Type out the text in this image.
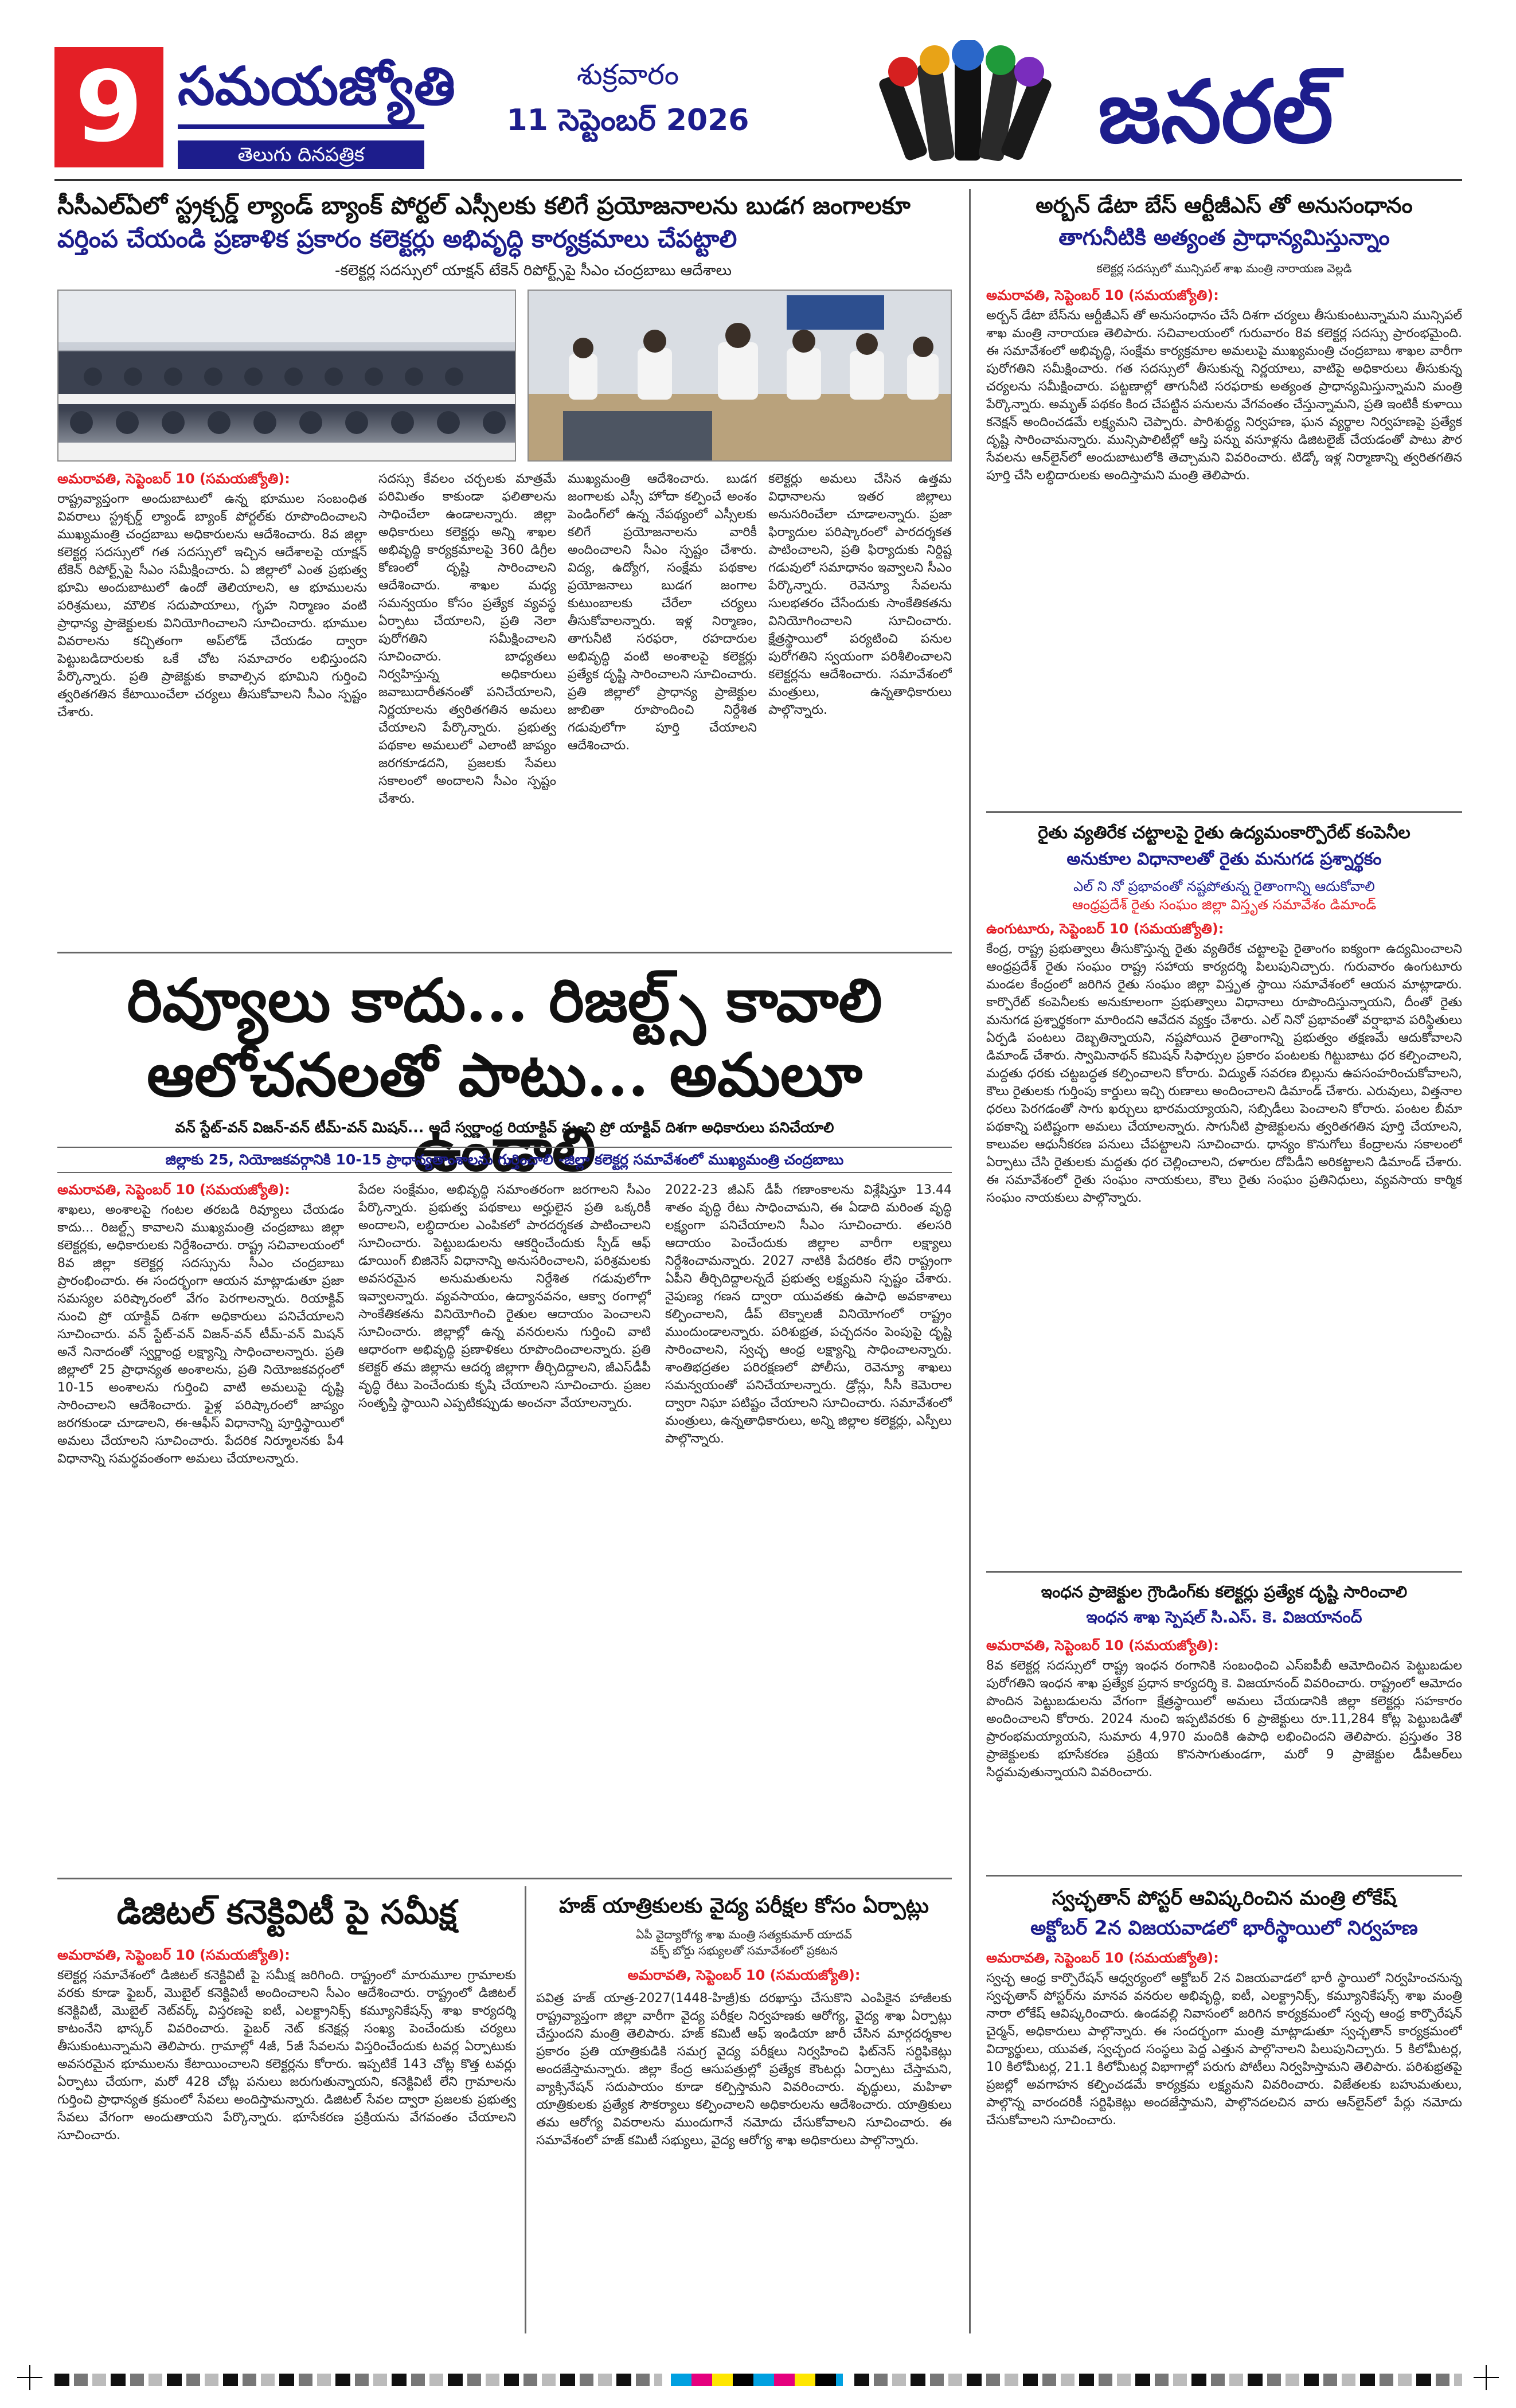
9 సమయజ్యోతి
తెలుగు దినపత్రిక
శుక్రవారం
11 సెప్టెంబర్ 2026	జనరల్
సీసీఎల్ఏలో స్ట్రక్చర్డ్ ల్యాండ్ బ్యాంక్ పోర్టల్ ఎస్సీలకు కలిగే ప్రయోజనాలను బుడగ జంగాలకూ
వర్తింప చేయండి ప్రణాళిక ప్రకారం కలెక్టర్లు అభివృద్ధి కార్యక్రమాలు చేపట్టాలి
-కలెక్టర్ల సదస్సులో యాక్షన్ టేకెన్ రిపోర్ట్స్‌పై సీఎం చంద్రబాబు ఆదేశాలు
అమరావతి, సెప్టెంబర్ 10 (సమయజ్యోతి):
రాష్ట్రవ్యాప్తంగా అందుబాటులో ఉన్న భూముల సంబంధిత వివరాలు స్ట్రక్చర్డ్ ల్యాండ్ బ్యాంక్ పోర్టల్‌కు రూపొందించాలని ముఖ్యమంత్రి చంద్రబాబు అధికారులను ఆదేశించారు. 8వ జిల్లా కలెక్టర్ల సదస్సులో గత సదస్సులో ఇచ్చిన ఆదేశాలపై యాక్షన్ టేకెన్ రిపోర్ట్స్‌పై సీఎం సమీక్షించారు. ఏ జిల్లాలో ఎంత ప్రభుత్వ భూమి అందుబాటులో ఉందో తెలియాలని, ఆ భూములను పరిశ్రమలు, మౌలిక సదుపాయాలు, గృహ నిర్మాణం వంటి ప్రాధాన్య ప్రాజెక్టులకు వినియోగించాలని సూచించారు. భూముల వివరాలను కచ్చితంగా అప్‌లోడ్ చేయడం ద్వారా పెట్టుబడిదారులకు ఒకే చోట సమాచారం లభిస్తుందని పేర్కొన్నారు. ప్రతి ప్రాజెక్టుకు కావాల్సిన భూమిని గుర్తించి త్వరితగతిన కేటాయించేలా చర్యలు తీసుకోవాలని సీఎం స్పష్టం చేశారు.
సదస్సు కేవలం చర్చలకు మాత్రమే పరిమితం కాకుండా ఫలితాలను సాధించేలా ఉండాలన్నారు. జిల్లా అధికారులు కలెక్టర్లు అన్ని శాఖల అభివృద్ధి కార్యక్రమాలపై 360 డిగ్రీల కోణంలో దృష్టి సారించాలని ఆదేశించారు. శాఖల మధ్య సమన్వయం కోసం ప్రత్యేక వ్యవస్థ ఏర్పాటు చేయాలని, ప్రతి నెలా పురోగతిని సమీక్షించాలని సూచించారు. బాధ్యతలు నిర్వహిస్తున్న అధికారులు జవాబుదారీతనంతో పనిచేయాలని, నిర్ణయాలను త్వరితగతిన అమలు చేయాలని పేర్కొన్నారు. ప్రభుత్వ పథకాల అమలులో ఎలాంటి జాప్యం జరగకూడదని, ప్రజలకు సేవలు సకాలంలో అందాలని సీఎం స్పష్టం చేశారు.
ముఖ్యమంత్రి ఆదేశించారు. బుడగ జంగాలకు ఎస్సీ హోదా కల్పించే అంశం పెండింగ్‌లో ఉన్న నేపథ్యంలో ఎస్సీలకు కలిగే ప్రయోజనాలను వారికీ అందించాలని సీఎం స్పష్టం చేశారు. విద్య, ఉద్యోగ, సంక్షేమ పథకాల ప్రయోజనాలు బుడగ జంగాల కుటుంబాలకు చేరేలా చర్యలు తీసుకోవాలన్నారు. ఇళ్ల నిర్మాణం, తాగునీటి సరఫరా, రహదారుల అభివృద్ధి వంటి అంశాలపై కలెక్టర్లు ప్రత్యేక దృష్టి సారించాలని సూచించారు. ప్రతి జిల్లాలో ప్రాధాన్య ప్రాజెక్టుల జాబితా రూపొందించి నిర్దేశిత గడువులోగా పూర్తి చేయాలని ఆదేశించారు.
కలెక్టర్లు అమలు చేసిన ఉత్తమ విధానాలను ఇతర జిల్లాలు అనుసరించేలా చూడాలన్నారు. ప్రజా ఫిర్యాదుల పరిష్కారంలో పారదర్శకత పాటించాలని, ప్రతి ఫిర్యాదుకు నిర్దిష్ట గడువులో సమాధానం ఇవ్వాలని సీఎం పేర్కొన్నారు. రెవెన్యూ సేవలను సులభతరం చేసేందుకు సాంకేతికతను వినియోగించాలని సూచించారు. క్షేత్రస్థాయిలో పర్యటించి పనుల పురోగతిని స్వయంగా పరిశీలించాలని కలెక్టర్లను ఆదేశించారు. సమావేశంలో మంత్రులు, ఉన్నతాధికారులు పాల్గొన్నారు.
అర్బన్ డేటా బేస్ ఆర్టీజీఎస్ తో అనుసంధానం
తాగునీటికి అత్యంత ప్రాధాన్యమిస్తున్నాం
కలెక్టర్ల సదస్సులో మున్సిపల్ శాఖ మంత్రి నారాయణ వెల్లడి
అమరావతి, సెప్టెంబర్ 10 (సమయజ్యోతి):
అర్బన్ డేటా బేస్‌ను ఆర్టీజీఎస్ తో అనుసంధానం చేసే దిశగా చర్యలు తీసుకుంటున్నామని మున్సిపల్ శాఖ మంత్రి నారాయణ తెలిపారు. సచివాలయంలో గురువారం 8వ కలెక్టర్ల సదస్సు ప్రారంభమైంది. ఈ సమావేశంలో అభివృద్ధి, సంక్షేమ కార్యక్రమాల అమలుపై ముఖ్యమంత్రి చంద్రబాబు శాఖల వారీగా పురోగతిని సమీక్షించారు. గత సదస్సులో తీసుకున్న నిర్ణయాలు, వాటిపై అధికారులు తీసుకున్న చర్యలను సమీక్షించారు. పట్టణాల్లో తాగునీటి సరఫరాకు అత్యంత ప్రాధాన్యమిస్తున్నామని మంత్రి పేర్కొన్నారు. అమృత్ పథకం కింద చేపట్టిన పనులను వేగవంతం చేస్తున్నామని, ప్రతి ఇంటికీ కుళాయి కనెక్షన్ అందించడమే లక్ష్యమని చెప్పారు. పారిశుద్ధ్య నిర్వహణ, ఘన వ్యర్థాల నిర్వహణపై ప్రత్యేక దృష్టి సారించామన్నారు. మున్సిపాలిటీల్లో ఆస్తి పన్ను వసూళ్లను డిజిటలైజ్ చేయడంతో పాటు పౌర సేవలను ఆన్‌లైన్‌లో అందుబాటులోకి తెచ్చామని వివరించారు. టిడ్కో ఇళ్ల నిర్మాణాన్ని త్వరితగతిన పూర్తి చేసి లబ్ధిదారులకు అందిస్తామని మంత్రి తెలిపారు.
రైతు వ్యతిరేక చట్టాలపై రైతు ఉద్యమంకార్పొరేట్ కంపెనీల
అనుకూల విధానాలతో రైతు మనుగడ ప్రశ్నార్థకం
ఎల్ ని నో ప్రభావంతో నష్టపోతున్న రైతాంగాన్ని ఆదుకోవాలి
ఆంధ్రప్రదేశ్ రైతు సంఘం జిల్లా విస్తృత సమావేశం డిమాండ్
ఉంగుటూరు, సెప్టెంబర్ 10 (సమయజ్యోతి):
కేంద్ర, రాష్ట్ర ప్రభుత్వాలు తీసుకొస్తున్న రైతు వ్యతిరేక చట్టాలపై రైతాంగం ఐక్యంగా ఉద్యమించాలని ఆంధ్రప్రదేశ్ రైతు సంఘం రాష్ట్ర సహాయ కార్యదర్శి పిలుపునిచ్చారు. గురువారం ఉంగుటూరు మండల కేంద్రంలో జరిగిన రైతు సంఘం జిల్లా విస్తృత స్థాయి సమావేశంలో ఆయన మాట్లాడారు. కార్పొరేట్ కంపెనీలకు అనుకూలంగా ప్రభుత్వాలు విధానాలు రూపొందిస్తున్నాయని, దీంతో రైతు మనుగడ ప్రశ్నార్థకంగా మారిందని ఆవేదన వ్యక్తం చేశారు. ఎల్ నినో ప్రభావంతో వర్షాభావ పరిస్థితులు ఏర్పడి పంటలు దెబ్బతిన్నాయని, నష్టపోయిన రైతాంగాన్ని ప్రభుత్వం తక్షణమే ఆదుకోవాలని డిమాండ్ చేశారు. స్వామినాథన్ కమిషన్ సిఫార్సుల ప్రకారం పంటలకు గిట్టుబాటు ధర కల్పించాలని, మద్దతు ధరకు చట్టబద్ధత కల్పించాలని కోరారు. విద్యుత్ సవరణ బిల్లును ఉపసంహరించుకోవాలని, కౌలు రైతులకు గుర్తింపు కార్డులు ఇచ్చి రుణాలు అందించాలని డిమాండ్ చేశారు. ఎరువులు, విత్తనాల ధరలు పెరగడంతో సాగు ఖర్చులు భారమయ్యాయని, సబ్సిడీలు పెంచాలని కోరారు. పంటల బీమా పథకాన్ని పటిష్టంగా అమలు చేయాలన్నారు. సాగునీటి ప్రాజెక్టులను త్వరితగతిన పూర్తి చేయాలని, కాలువల ఆధునీకరణ పనులు చేపట్టాలని సూచించారు. ధాన్యం కొనుగోలు కేంద్రాలను సకాలంలో ఏర్పాటు చేసి రైతులకు మద్దతు ధర చెల్లించాలని, దళారుల దోపిడీని అరికట్టాలని డిమాండ్ చేశారు. ఈ సమావేశంలో రైతు సంఘం నాయకులు, కౌలు రైతు సంఘం ప్రతినిధులు, వ్యవసాయ కార్మిక సంఘం నాయకులు పాల్గొన్నారు.
ఇంధన ప్రాజెక్టుల గ్రౌండింగ్‌కు కలెక్టర్లు ప్రత్యేక దృష్టి సారించాలి
ఇంధన శాఖ స్పెషల్ సి.ఎస్. కె. విజయానంద్
అమరావతి, సెప్టెంబర్ 10 (సమయజ్యోతి):
8వ కలెక్టర్ల సదస్సులో రాష్ట్ర ఇంధన రంగానికి సంబంధించి ఎస్‌ఐపీబీ ఆమోదించిన పెట్టుబడుల పురోగతిని ఇంధన శాఖ ప్రత్యేక ప్రధాన కార్యదర్శి కె. విజయానంద్ వివరించారు. రాష్ట్రంలో ఆమోదం పొందిన పెట్టుబడులను వేగంగా క్షేత్రస్థాయిలో అమలు చేయడానికి జిల్లా కలెక్టర్లు సహకారం అందించాలని కోరారు. 2024 నుంచి ఇప్పటివరకు 6 ప్రాజెక్టులు రూ.11,284 కోట్ల పెట్టుబడితో ప్రారంభమయ్యాయని, సుమారు 4,970 మందికి ఉపాధి లభించిందని తెలిపారు. ప్రస్తుతం 38 ప్రాజెక్టులకు భూసేకరణ ప్రక్రియ కొనసాగుతుండగా, మరో 9 ప్రాజెక్టుల డీపీఆర్‌లు సిద్ధమవుతున్నాయని వివరించారు.
స్వచ్ఛతాన్ పోస్టర్ ఆవిష్కరించిన మంత్రి లోకేష్
అక్టోబర్ 2న విజయవాడలో భారీస్థాయిలో నిర్వహణ
అమరావతి, సెప్టెంబర్ 10 (సమయజ్యోతి):
స్వచ్ఛ ఆంధ్ర కార్పొరేషన్ ఆధ్వర్యంలో అక్టోబర్ 2న విజయవాడలో భారీ స్థాయిలో నిర్వహించనున్న స్వచ్ఛతాన్ పోస్టర్‌ను మానవ వనరుల అభివృద్ధి, ఐటీ, ఎలక్ట్రానిక్స్, కమ్యూనికేషన్స్ శాఖ మంత్రి నారా లోకేష్ ఆవిష్కరించారు. ఉండవల్లి నివాసంలో జరిగిన కార్యక్రమంలో స్వచ్ఛ ఆంధ్ర కార్పొరేషన్ చైర్మన్, అధికారులు పాల్గొన్నారు. ఈ సందర్భంగా మంత్రి మాట్లాడుతూ స్వచ్ఛతాన్ కార్యక్రమంలో విద్యార్థులు, యువత, స్వచ్ఛంద సంస్థలు పెద్ద ఎత్తున పాల్గొనాలని పిలుపునిచ్చారు. 5 కిలోమీటర్ల, 10 కిలోమీటర్ల, 21.1 కిలోమీటర్ల విభాగాల్లో పరుగు పోటీలు నిర్వహిస్తామని తెలిపారు. పరిశుభ్రతపై ప్రజల్లో అవగాహన కల్పించడమే కార్యక్రమ లక్ష్యమని వివరించారు. విజేతలకు బహుమతులు, పాల్గొన్న వారందరికీ సర్టిఫికెట్లు అందజేస్తామని, పాల్గొనదలచిన వారు ఆన్‌లైన్‌లో పేర్లు నమోదు చేసుకోవాలని సూచించారు.
రివ్యూలు కాదు... రిజల్ట్స్ కావాలి
ఆలోచనలతో పాటు... అమలూ ఉండాలి
వన్ స్టేట్-వన్ విజన్-వన్ టీమ్-వన్ మిషన్... అదే స్వర్ణాంధ్ర రియాక్టివ్ నుంచి ప్రో యాక్టివ్ దిశగా అధికారులు పనిచేయాలి
జిల్లాకు 25, నియోజకవర్గానికి 10-15 ప్రాధాన్యతాంశాలను గుర్తించాలి -జిల్లా కలెక్టర్ల సమావేశంలో ముఖ్యమంత్రి చంద్రబాబు
అమరావతి, సెప్టెంబర్ 10 (సమయజ్యోతి):
శాఖలు, అంశాలపై గంటల తరబడి రివ్యూలు చేయడం కాదు... రిజల్ట్స్ కావాలని ముఖ్యమంత్రి చంద్రబాబు జిల్లా కలెక్టర్లకు, అధికారులకు నిర్దేశించారు. రాష్ట్ర సచివాలయంలో 8వ జిల్లా కలెక్టర్ల సదస్సును సీఎం చంద్రబాబు ప్రారంభించారు. ఈ సందర్భంగా ఆయన మాట్లాడుతూ ప్రజా సమస్యల పరిష్కారంలో వేగం పెరగాలన్నారు. రియాక్టివ్ నుంచి ప్రో యాక్టివ్ దిశగా అధికారులు పనిచేయాలని సూచించారు. వన్ స్టేట్-వన్ విజన్-వన్ టీమ్-వన్ మిషన్ అనే నినాదంతో స్వర్ణాంధ్ర లక్ష్యాన్ని సాధించాలన్నారు. ప్రతి జిల్లాలో 25 ప్రాధాన్యత అంశాలను, ప్రతి నియోజకవర్గంలో 10-15 అంశాలను గుర్తించి వాటి అమలుపై దృష్టి సారించాలని ఆదేశించారు. ఫైళ్ల పరిష్కారంలో జాప్యం జరగకుండా చూడాలని, ఈ-ఆఫీస్ విధానాన్ని పూర్తిస్థాయిలో అమలు చేయాలని సూచించారు. పేదరిక నిర్మూలనకు పీ4 విధానాన్ని సమర్థవంతంగా అమలు చేయాలన్నారు.
పేదల సంక్షేమం, అభివృద్ధి సమాంతరంగా జరగాలని సీఎం పేర్కొన్నారు. ప్రభుత్వ పథకాలు అర్హులైన ప్రతి ఒక్కరికీ అందాలని, లబ్ధిదారుల ఎంపికలో పారదర్శకత పాటించాలని సూచించారు. పెట్టుబడులను ఆకర్షించేందుకు స్పీడ్ ఆఫ్ డూయింగ్ బిజినెస్ విధానాన్ని అనుసరించాలని, పరిశ్రమలకు అవసరమైన అనుమతులను నిర్దేశిత గడువులోగా ఇవ్వాలన్నారు. వ్యవసాయం, ఉద్యానవనం, ఆక్వా రంగాల్లో సాంకేతికతను వినియోగించి రైతుల ఆదాయం పెంచాలని సూచించారు. జిల్లాల్లో ఉన్న వనరులను గుర్తించి వాటి ఆధారంగా అభివృద్ధి ప్రణాళికలు రూపొందించాలన్నారు. ప్రతి కలెక్టర్ తమ జిల్లాను ఆదర్శ జిల్లాగా తీర్చిదిద్దాలని, జీఎస్‌డీపీ వృద్ధి రేటు పెంచేందుకు కృషి చేయాలని సూచించారు. ప్రజల సంతృప్తి స్థాయిని ఎప్పటికప్పుడు అంచనా వేయాలన్నారు.
2022-23 జీఎస్ డీపీ గణాంకాలను విశ్లేషిస్తూ 13.44 శాతం వృద్ధి రేటు సాధించామని, ఈ ఏడాది మరింత వృద్ధి లక్ష్యంగా పనిచేయాలని సీఎం సూచించారు. తలసరి ఆదాయం పెంచేందుకు జిల్లాల వారీగా లక్ష్యాలు నిర్దేశించామన్నారు. 2027 నాటికి పేదరికం లేని రాష్ట్రంగా ఏపీని తీర్చిదిద్దాలన్నదే ప్రభుత్వ లక్ష్యమని స్పష్టం చేశారు. నైపుణ్య గణన ద్వారా యువతకు ఉపాధి అవకాశాలు కల్పించాలని, డీప్ టెక్నాలజీ వినియోగంలో రాష్ట్రం ముందుండాలన్నారు. పరిశుభ్రత, పచ్చదనం పెంపుపై దృష్టి సారించాలని, స్వచ్ఛ ఆంధ్ర లక్ష్యాన్ని సాధించాలన్నారు. శాంతిభద్రతల పరిరక్షణలో పోలీసు, రెవెన్యూ శాఖలు సమన్వయంతో పనిచేయాలన్నారు. డ్రోన్లు, సీసీ కెమెరాల ద్వారా నిఘా పటిష్టం చేయాలని సూచించారు. సమావేశంలో మంత్రులు, ఉన్నతాధికారులు, అన్ని జిల్లాల కలెక్టర్లు, ఎస్పీలు పాల్గొన్నారు.
డిజిటల్ కనెక్టివిటీ పై సమీక్ష
అమరావతి, సెప్టెంబర్ 10 (సమయజ్యోతి):
కలెక్టర్ల సమావేశంలో డిజిటల్ కనెక్టివిటీ పై సమీక్ష జరిగింది. రాష్ట్రంలో మారుమూల గ్రామాలకు వరకు కూడా ఫైబర్, మొబైల్ కనెక్టివిటీ అందించాలని సీఎం ఆదేశించారు. రాష్ట్రంలో డిజిటల్ కనెక్టివిటీ, మొబైల్ నెట్‌వర్క్ విస్తరణపై ఐటీ, ఎలక్ట్రానిక్స్ కమ్యూనికేషన్స్ శాఖ కార్యదర్శి కాటంనేని భాస్కర్ వివరించారు. ఫైబర్ నెట్ కనెక్షన్ల సంఖ్య పెంచేందుకు చర్యలు తీసుకుంటున్నామని తెలిపారు. గ్రామాల్లో 4జీ, 5జీ సేవలను విస్తరించేందుకు టవర్ల ఏర్పాటుకు అవసరమైన భూములను కేటాయించాలని కలెక్టర్లను కోరారు. ఇప్పటికే 143 చోట్ల కొత్త టవర్లు ఏర్పాటు చేయగా, మరో 428 చోట్ల పనులు జరుగుతున్నాయని, కనెక్టివిటీ లేని గ్రామాలను గుర్తించి ప్రాధాన్యత క్రమంలో సేవలు అందిస్తామన్నారు. డిజిటల్ సేవల ద్వారా ప్రజలకు ప్రభుత్వ సేవలు వేగంగా అందుతాయని పేర్కొన్నారు. భూసేకరణ ప్రక్రియను వేగవంతం చేయాలని సూచించారు.
హజ్ యాత్రికులకు వైద్య పరీక్షల కోసం ఏర్పాట్లు
ఏపీ వైద్యారోగ్య శాఖ మంత్రి సత్యకుమార్ యాదవ్
వక్ఫ్ బోర్డు సభ్యులతో సమావేశంలో ప్రకటన
అమరావతి, సెప్టెంబర్ 10 (సమయజ్యోతి):
పవిత్ర హజ్ యాత్ర-2027(1448-హిజ్రీ)కు దరఖాస్తు చేసుకొని ఎంపికైన హాజీలకు రాష్ట్రవ్యాప్తంగా జిల్లా వారీగా వైద్య పరీక్షల నిర్వహణకు ఆరోగ్య, వైద్య శాఖ ఏర్పాట్లు చేస్తుందని మంత్రి తెలిపారు. హజ్ కమిటీ ఆఫ్ ఇండియా జారీ చేసిన మార్గదర్శకాల ప్రకారం ప్రతి యాత్రికుడికి సమగ్ర వైద్య పరీక్షలు నిర్వహించి ఫిట్‌నెస్ సర్టిఫికెట్లు అందజేస్తామన్నారు. జిల్లా కేంద్ర ఆసుపత్రుల్లో ప్రత్యేక కౌంటర్లు ఏర్పాటు చేస్తామని, వ్యాక్సినేషన్ సదుపాయం కూడా కల్పిస్తామని వివరించారు. వృద్ధులు, మహిళా యాత్రికులకు ప్రత్యేక సౌకర్యాలు కల్పించాలని అధికారులను ఆదేశించారు. యాత్రికులు తమ ఆరోగ్య వివరాలను ముందుగానే నమోదు చేసుకోవాలని సూచించారు. ఈ సమావేశంలో హజ్ కమిటీ సభ్యులు, వైద్య ఆరోగ్య శాఖ అధికారులు పాల్గొన్నారు.
